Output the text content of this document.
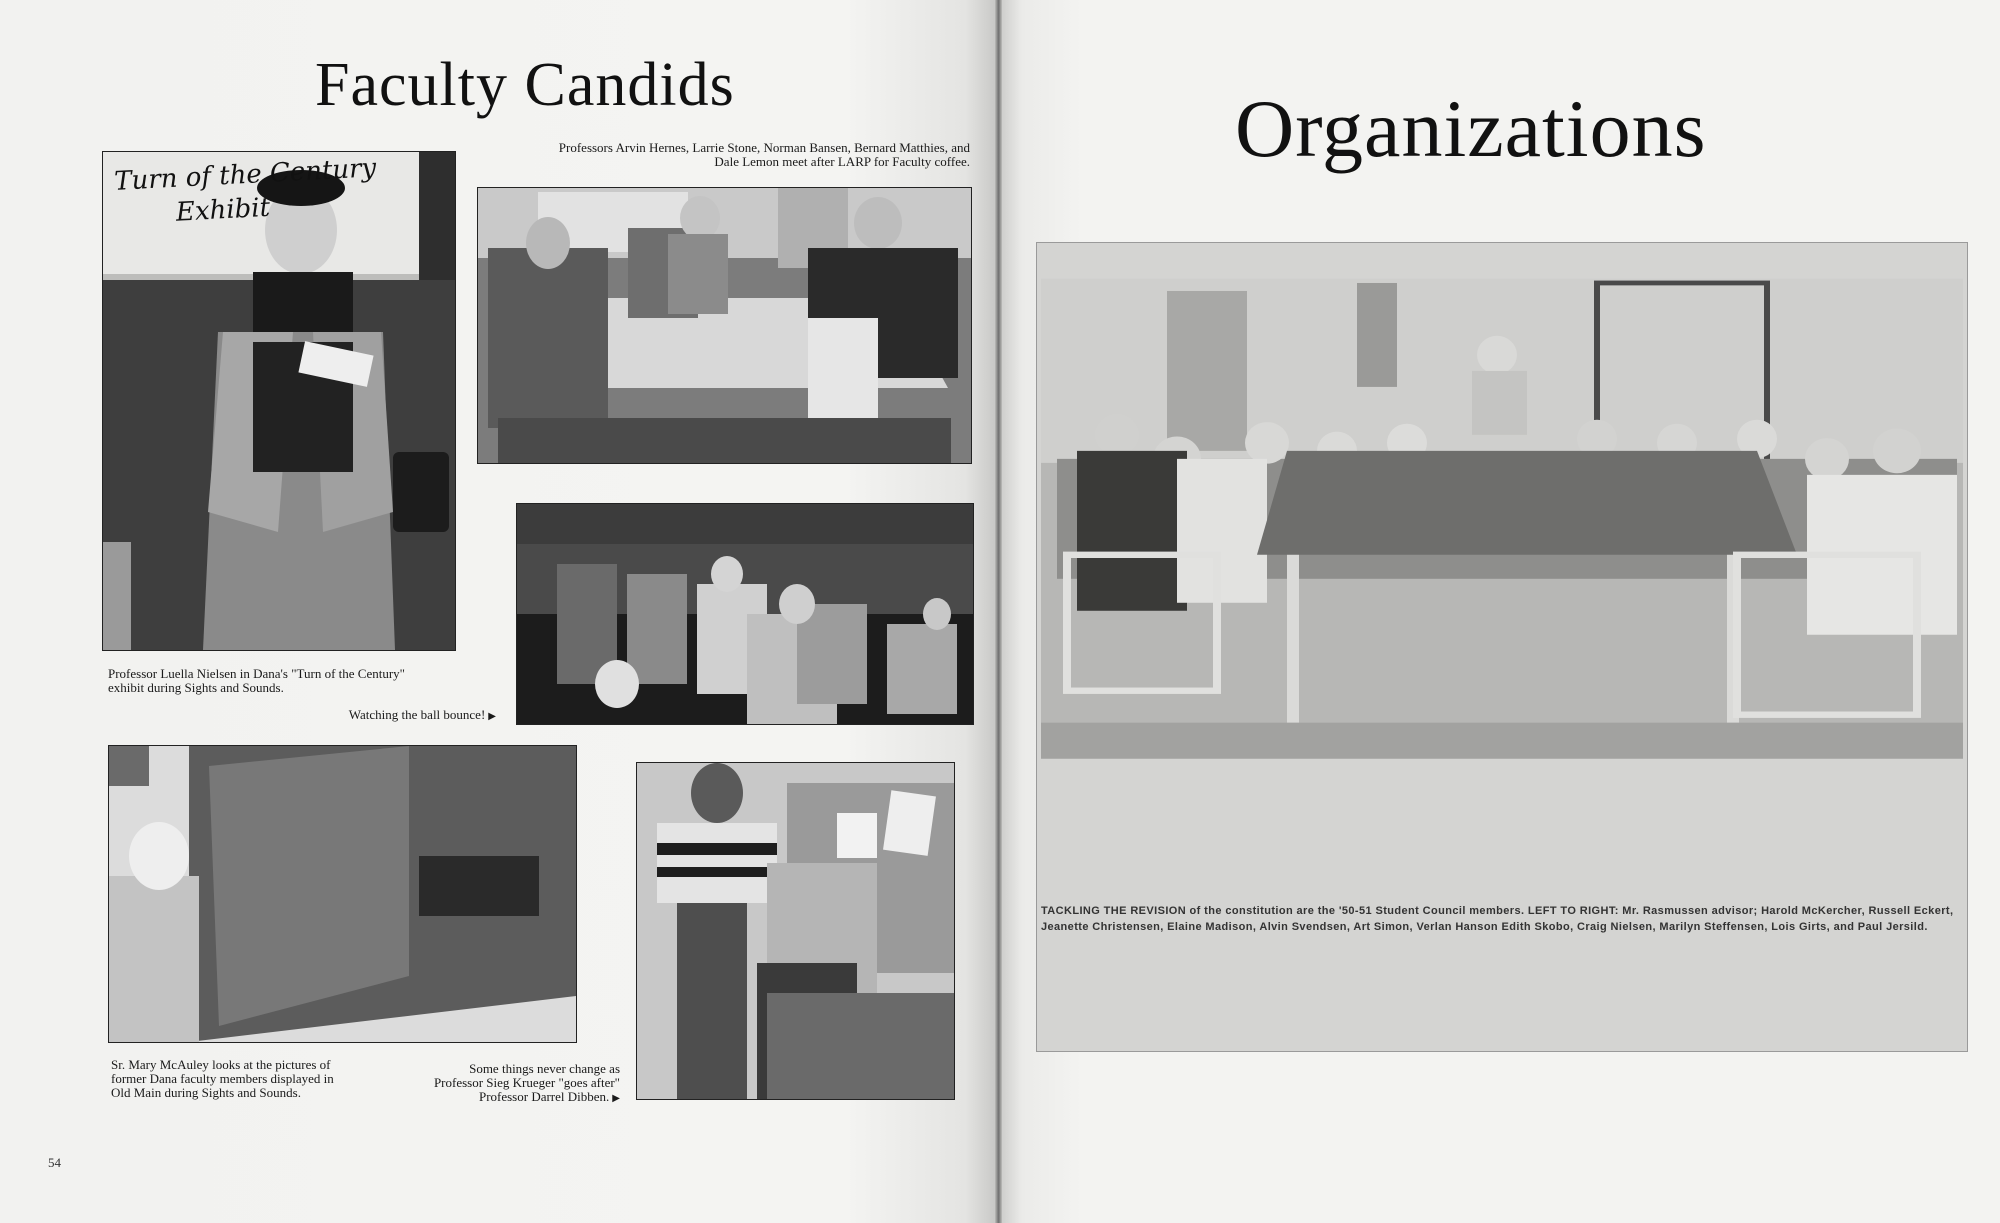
Faculty Candids
Turn of the Century
Exhibit
Professors Arvin Hernes, Larrie Stone, Norman Bansen, Bernard Matthies, and
Dale Lemon meet after LARP for Faculty coffee.
Professor Luella Nielsen in Dana's "Turn of the Century"
exhibit during Sights and Sounds.
Watching the ball bounce! ▶
Sr. Mary McAuley looks at the pictures of
former Dana faculty members displayed in
Old Main during Sights and Sounds.
Some things never change as
Professor Sieg Krueger "goes after"
Professor Darrel Dibben. ▶
54
Organizations
TACKLING THE REVISION of the constitution are the '50-51 Student Council members. LEFT TO RIGHT: Mr. Rasmussen advisor; Harold McKercher, Russell Eckert, Jeanette Christensen, Elaine Madison, Alvin Svendsen, Art Simon, Verlan Hanson Edith Skobo, Craig Nielsen, Marilyn Steffensen, Lois Girts, and Paul Jersild.
